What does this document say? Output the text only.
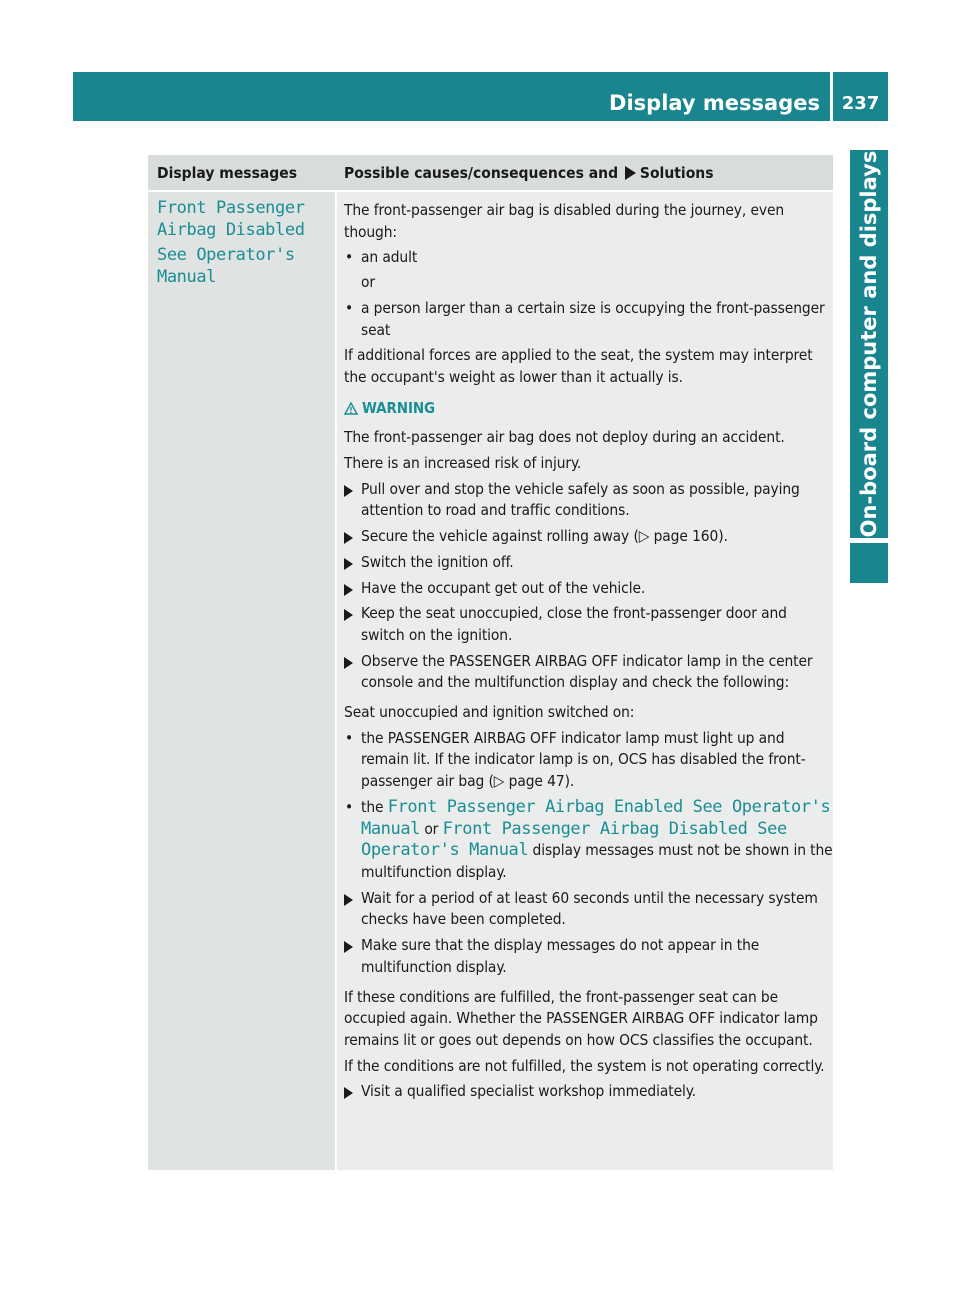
Display messages	237
On-board computer and displays
Display messages	Possible causes/consequences and Solutions
Front Passenger
Airbag Disabled
See Operator's
Manual

The front-passenger air bag is disabled during the journey, even though:

• an adult
or
• a person larger than a certain size is occupying the front-passenger seat

If additional forces are applied to the seat, the system may interpret the occupant's weight as lower than it actually is.

WARNING

The front-passenger air bag does not deploy during an accident.

There is an increased risk of injury.

Pull over and stop the vehicle safely as soon as possible, paying attention to road and traffic conditions.
Secure the vehicle against rolling away (▷ page 160).
Switch the ignition off.
Have the occupant get out of the vehicle.
Keep the seat unoccupied, close the front-passenger door and switch on the ignition.
Observe the PASSENGER AIRBAG OFF indicator lamp in the center console and the multifunction display and check the following:

Seat unoccupied and ignition switched on:

• the PASSENGER AIRBAG OFF indicator lamp must light up and remain lit. If the indicator lamp is on, OCS has disabled the front-passenger air bag (▷ page 47).
• the Front Passenger Airbag Enabled See Operator's Manual or Front Passenger Airbag Disabled See Operator's Manual display messages must not be shown in the multifunction display.
Wait for a period of at least 60 seconds until the necessary system checks have been completed.
Make sure that the display messages do not appear in the multifunction display.

If these conditions are fulfilled, the front-passenger seat can be occupied again. Whether the PASSENGER AIRBAG OFF indicator lamp remains lit or goes out depends on how OCS classifies the occupant.

If the conditions are not fulfilled, the system is not operating correctly.

Visit a qualified specialist workshop immediately.
